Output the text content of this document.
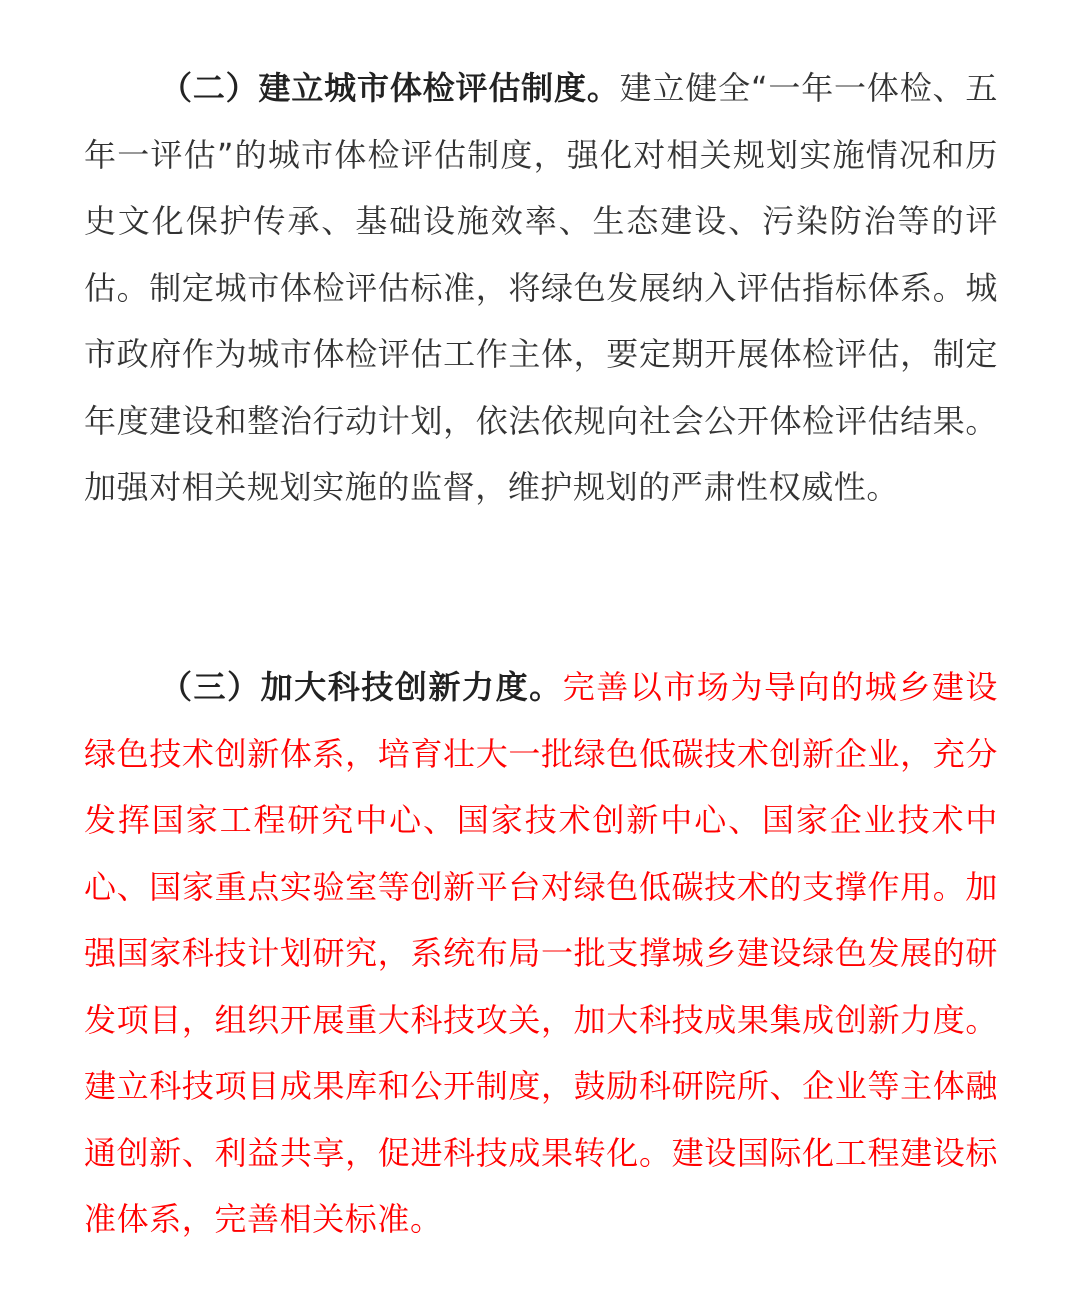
（二）建立城市体检评估制度。建立健全“一年一体检、五年一评估”的城市体检评估制度，强化对相关规划实施情况和历史文化保护传承、基础设施效率、生态建设、污染防治等的评估。制定城市体检评估标准，将绿色发展纳入评估指标体系。城市政府作为城市体检评估工作主体，要定期开展体检评估，制定年度建设和整治行动计划，依法依规向社会公开体检评估结果。加强对相关规划实施的监督，维护规划的严肃性权威性。

（三）加大科技创新力度。完善以市场为导向的城乡建设绿色技术创新体系，培育壮大一批绿色低碳技术创新企业，充分发挥国家工程研究中心、国家技术创新中心、国家企业技术中心、国家重点实验室等创新平台对绿色低碳技术的支撑作用。加强国家科技计划研究，系统布局一批支撑城乡建设绿色发展的研发项目，组织开展重大科技攻关，加大科技成果集成创新力度。建立科技项目成果库和公开制度，鼓励科研院所、企业等主体融通创新、利益共享，促进科技成果转化。建设国际化工程建设标准体系，完善相关标准。
